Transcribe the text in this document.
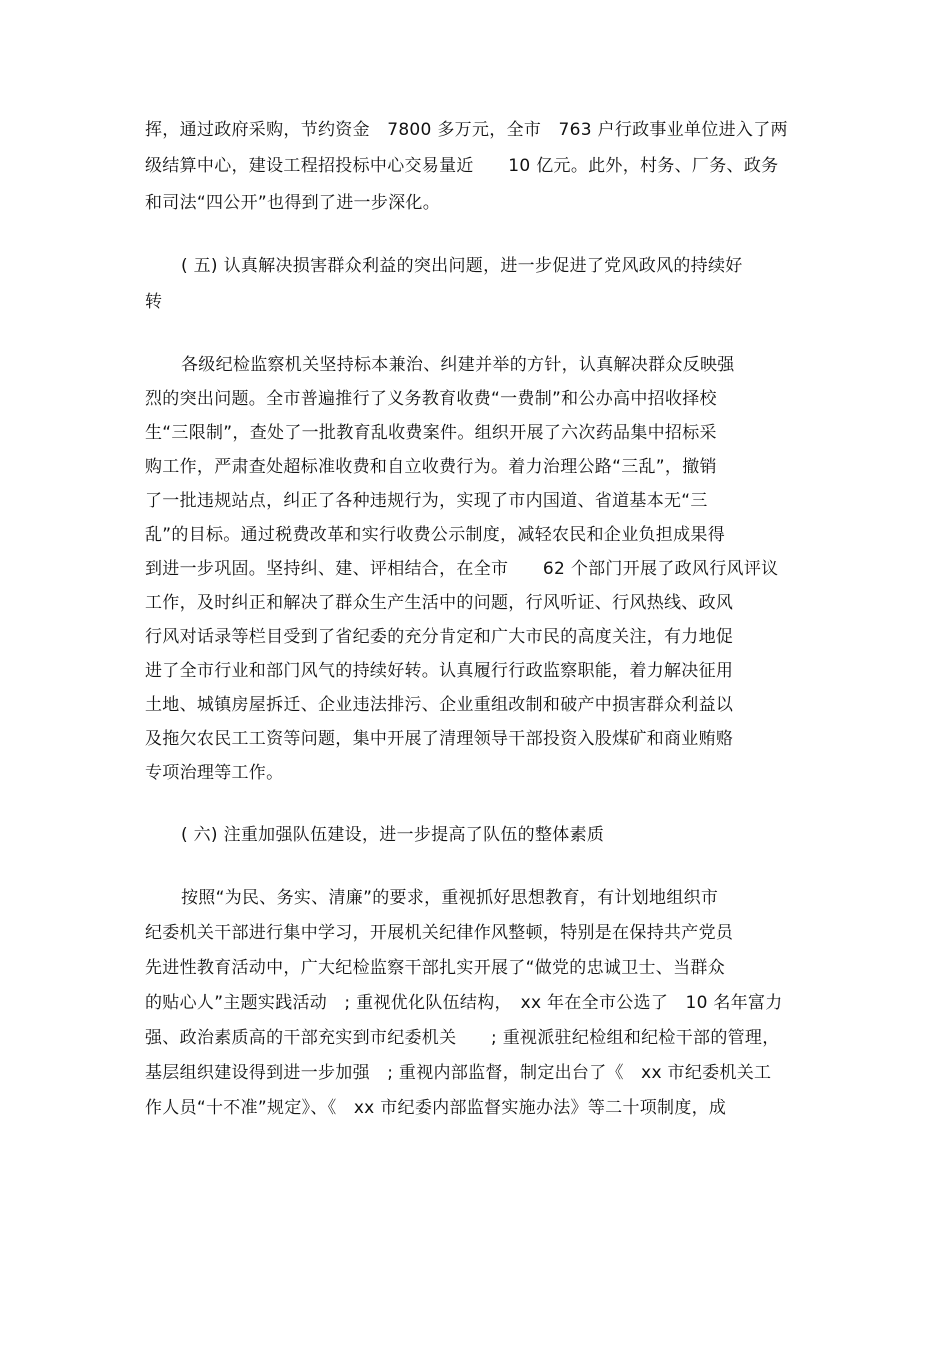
挥，通过政府采购，节约资金　7800 多万元，全市　763 户行政事业单位进入了两
级结算中心，建设工程招投标中心交易量近　　10 亿元。此外，村务、厂务、政务
和司法“四公开”也得到了进一步深化。
( 五) 认真解决损害群众利益的突出问题，进一步促进了党风政风的持续好
转
各级纪检监察机关坚持标本兼治、纠建并举的方针，认真解决群众反映强
烈的突出问题。全市普遍推行了义务教育收费“一费制”和公办高中招收择校
生“三限制”，查处了一批教育乱收费案件。组织开展了六次药品集中招标采
购工作，严肃查处超标准收费和自立收费行为。着力治理公路“三乱”，撤销
了一批违规站点，纠正了各种违规行为，实现了市内国道、省道基本无“三
乱”的目标。通过税费改革和实行收费公示制度，减轻农民和企业负担成果得
到进一步巩固。坚持纠、建、评相结合，在全市　　62 个部门开展了政风行风评议
工作，及时纠正和解决了群众生产生活中的问题，行风听证、行风热线、政风
行风对话录等栏目受到了省纪委的充分肯定和广大市民的高度关注，有力地促
进了全市行业和部门风气的持续好转。认真履行行政监察职能，着力解决征用
土地、城镇房屋拆迁、企业违法排污、企业重组改制和破产中损害群众利益以
及拖欠农民工工资等问题，集中开展了清理领导干部投资入股煤矿和商业贿赂
专项治理等工作。
( 六) 注重加强队伍建设，进一步提高了队伍的整体素质
按照“为民、务实、清廉”的要求，重视抓好思想教育，有计划地组织市
纪委机关干部进行集中学习，开展机关纪律作风整顿，特别是在保持共产党员
先进性教育活动中，广大纪检监察干部扎实开展了“做党的忠诚卫士、当群众
的贴心人”主题实践活动　; 重视优化队伍结构，　xx 年在全市公选了　10 名年富力
强、政治素质高的干部充实到市纪委机关　　; 重视派驻纪检组和纪检干部的管理，
基层组织建设得到进一步加强　; 重视内部监督，制定出台了《　xx 市纪委机关工
作人员“十不准”规定》、《　xx 市纪委内部监督实施办法》等二十项制度，成
